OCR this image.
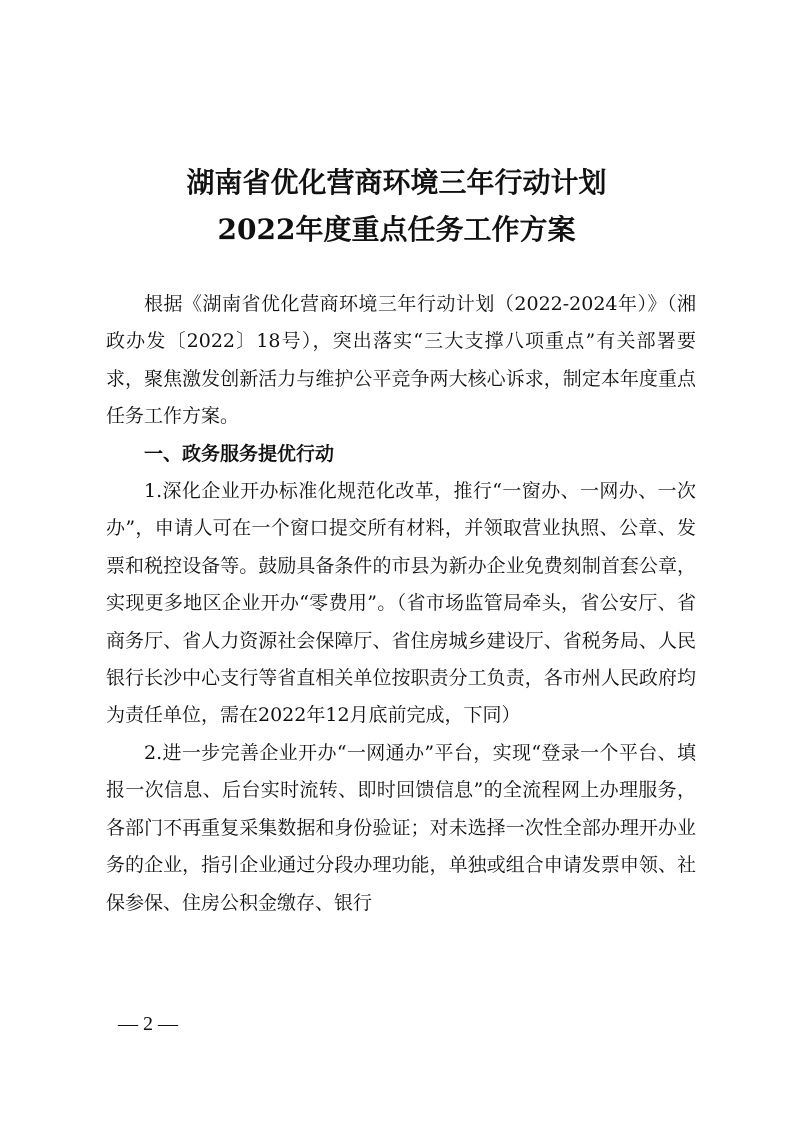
湖南省优化营商环境三年行动计划
2022年度重点任务工作方案

根据《湖南省优化营商环境三年行动计划（2022-2024年）》（湘政办发〔2022〕18号），突出落实“三大支撑八项重点”有关部署要求，聚焦激发创新活力与维护公平竞争两大核心诉求，制定本年度重点任务工作方案。

一、政务服务提优行动

1.深化企业开办标准化规范化改革，推行“一窗办、一网办、一次办”，申请人可在一个窗口提交所有材料，并领取营业执照、公章、发票和税控设备等。鼓励具备条件的市县为新办企业免费刻制首套公章，实现更多地区企业开办“零费用”。（省市场监管局牵头，省公安厅、省商务厅、省人力资源社会保障厅、省住房城乡建设厅、省税务局、人民银行长沙中心支行等省直相关单位按职责分工负责，各市州人民政府均为责任单位，需在2022年12月底前完成，下同）

2.进一步完善企业开办“一网通办”平台，实现“登录一个平台、填报一次信息、后台实时流转、即时回馈信息”的全流程网上办理服务，各部门不再重复采集数据和身份验证；对未选择一次性全部办理开办业务的企业，指引企业通过分段办理功能，单独或组合申请发票申领、社保参保、住房公积金缴存、银行

— 2 —
